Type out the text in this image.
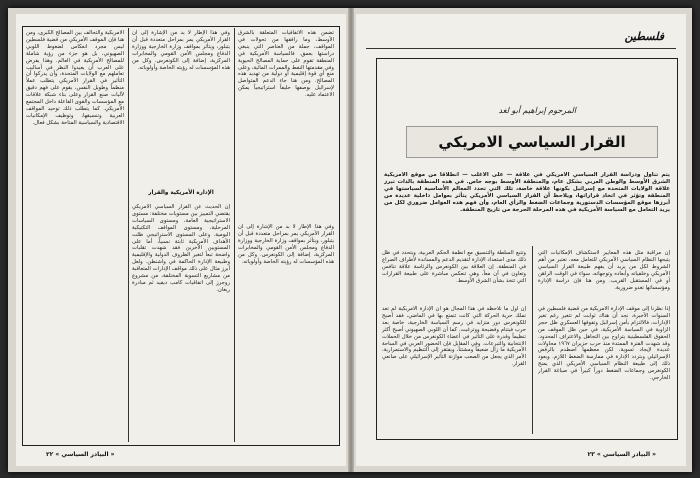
تضمن هذه الاتفاقيات المتعلقة بالشرق الأوسط، وما رافقها من تحولات في المواقف، جملة من العناصر التي ينبغي دراستها بعمق. فالسياسة الأمريكية في المنطقة تقوم على حماية المصالح الحيوية وفي مقدمتها النفط والممرات المائية، وعلى منع أي قوة إقليمية أو دولية من تهديد هذه المصالح. ومن هنا جاء الدعم المتواصل لإسرائيل بوصفها حليفاً استراتيجياً يمكن الاعتماد عليه.
وفي هذا الإطار لا بد من الإشارة إلى أن القرار الأمريكي يمر بمراحل متعددة قبل أن يتبلور، ويتأثر بمواقف وزارة الخارجية ووزارة الدفاع ومجلس الأمن القومي والمخابرات المركزية، إضافة إلى الكونغرس. وكل من هذه المؤسسات له رؤيته الخاصة وأولوياته.
وفي هذا الإطار لا بد من الإشارة إلى أن القرار الأمريكي يمر بمراحل متعددة قبل أن يتبلور، ويتأثر بمواقف وزارة الخارجية ووزارة الدفاع ومجلس الأمن القومي والمخابرات المركزية، إضافة إلى الكونغرس. وكل من هذه المؤسسات له رؤيته الخاصة وأولوياته.
الإدارة الأمريكية والقرار
إن الحديث عن القرار السياسي الأمريكي يقتضي التمييز بين مستويات مختلفة: مستوى الاستراتيجية العامة، ومستوى السياسات المرحلية، ومستوى المواقف التكتيكية اليومية. وعلى المستوى الاستراتيجي ظلت الأهداف الأمريكية ثابتة نسبياً، أما على المستويين الآخرين فقد شهدت تقلبات واضحة تبعاً لتغير الظروف الدولية والإقليمية وطبيعة الإدارة الحاكمة في واشنطن. ولعل أبرز مثال على ذلك مواقف الإدارات المتعاقبة من مشاريع التسوية المختلفة، من مشروع روجرز إلى اتفاقيات كامب ديفيد ثم مبادرة ريغان.
الأمريكية والتحالف بين المصالح الكبرى، ومن هنا فإن الموقف الأمريكي من قضية فلسطين ليس مجرد انعكاس لضغوط اللوبي الصهيوني، بل هو جزء من رؤية شاملة للمصالح الأمريكية في العالم. وهذا يفرض على العرب أن يعيدوا النظر في أساليب تعاملهم مع الولايات المتحدة، وأن يدركوا أن التأثير في القرار الأمريكي يتطلب عملاً منظماً وطويل النفس، يقوم على فهم دقيق لآليات صنع القرار وعلى بناء شبكة علاقات مع المؤسسات والقوى الفاعلة داخل المجتمع الأمريكي. كما يتطلب ذلك توحيد المواقف العربية وتنسيقها، وتوظيف الإمكانيات الاقتصادية والسياسية المتاحة بشكل فعال.
« البيادر السياسي » ٢٢
فلسطين
المرحوم إبراهيم أبو لغد
القرار السياسي الامريكي
يتم تناول ودراسة القرار السياسي الأمريكي في علاقة — على الأغلب — انطلاقاً من موقع الأمريكية الشرق الأوسط والوطن العربي بشكل عام، والمنطقة الأوسط بوجه خاص. في هذه المنطقة بالذات تبرز علاقة الولايات المتحدة مع إسرائيل بكونها علاقة خاصة، تلك التي تحدد المعالم الأساسية لسياستها في المنطقة وتؤثر في اتخاذ قراراتها، ويلاحظ أن القرار السياسي الأمريكي يتأثر بعوامل داخلية عديدة من أبرزها موقع المؤسسات الدستورية وجماعات الضغط والرأي العام، وأن فهم هذه العوامل ضروري لكل من يريد التعامل مع السياسة الأمريكية في هذه المرحلة الحرجة من تاريخ المنطقة.
إن مراقبة مثل هذه المعايير لاستكشاف الإمكانيات التي يتيحها النظام السياسي الأمريكي للتعامل معه، تعتبر من أهم الشروط لكل من يريد أن يفهم طبيعة القرار السياسي الأمريكي وخلفياته وأبعاده وتوجهاته، سواء في الوقت الراهن أو في المستقبل القريب. ومن هنا فإن دراسة الإدارة ومؤسساتها تغدو ضرورية.
إذا نظرنا إلى موقف الإدارة الأمريكية من قضية فلسطين في السنوات الأخيرة، نجد أن هناك ثوابت لم تتغير رغم تغير الإدارات، فالالتزام بأمن إسرائيل وتفوقها العسكري ظل حجر الزاوية في السياسة الأمريكية، في حين ظل الموقف من الحقوق الفلسطينية يتراوح بين التجاهل والاعتراف المحدود. وقد شهدت الفترة الممتدة منذ حرب حزيران ١٩٦٧ محاولات عديدة لإيجاد تسوية، لكن معظمها اصطدم بالرفض الإسرائيلي وبتردد الإدارة في ممارسة الضغط اللازم. ويعود ذلك إلى طبيعة النظام السياسي الأمريكي الذي يمنح الكونغرس وجماعات الضغط دوراً كبيراً في صياغة القرار الخارجي.
وتتبع السلطة والتنسيق مع أنظمة الحكم العربية، ويتحدد في ظل ذلك مدى استعداد الإدارة لتقديم الدعم والمساندة لأطراف الصراع في المنطقة. إن العلاقة بين الكونغرس والرئاسة علاقة تنافس وتعاون في آن معاً، وهي تنعكس مباشرة على طبيعة القرارات التي تتخذ بشأن الشرق الأوسط.
إن أول ما نلاحظه في هذا المجال هو أن الإدارة الأمريكية لم تعد تملك حرية الحركة التي كانت تتمتع بها في الماضي، فقد أصبح للكونغرس دور متزايد في رسم السياسة الخارجية، خاصة بعد حرب فيتنام وفضيحة ووترغيت. كما أن اللوبي الصهيوني أصبح أكثر تنظيماً وقدرة على التأثير في أعضاء الكونغرس من خلال الحملات الانتخابية والتبرعات. وفي المقابل فإن الحضور العربي في الساحة الأمريكية ما زال ضعيفاً ومشتتاً، ويفتقر إلى التنظيم والاستمرارية، الأمر الذي يجعل من الصعب موازنة التأثير الإسرائيلي على صانعي القرار.
« البيادر السياسي » ٢٣
